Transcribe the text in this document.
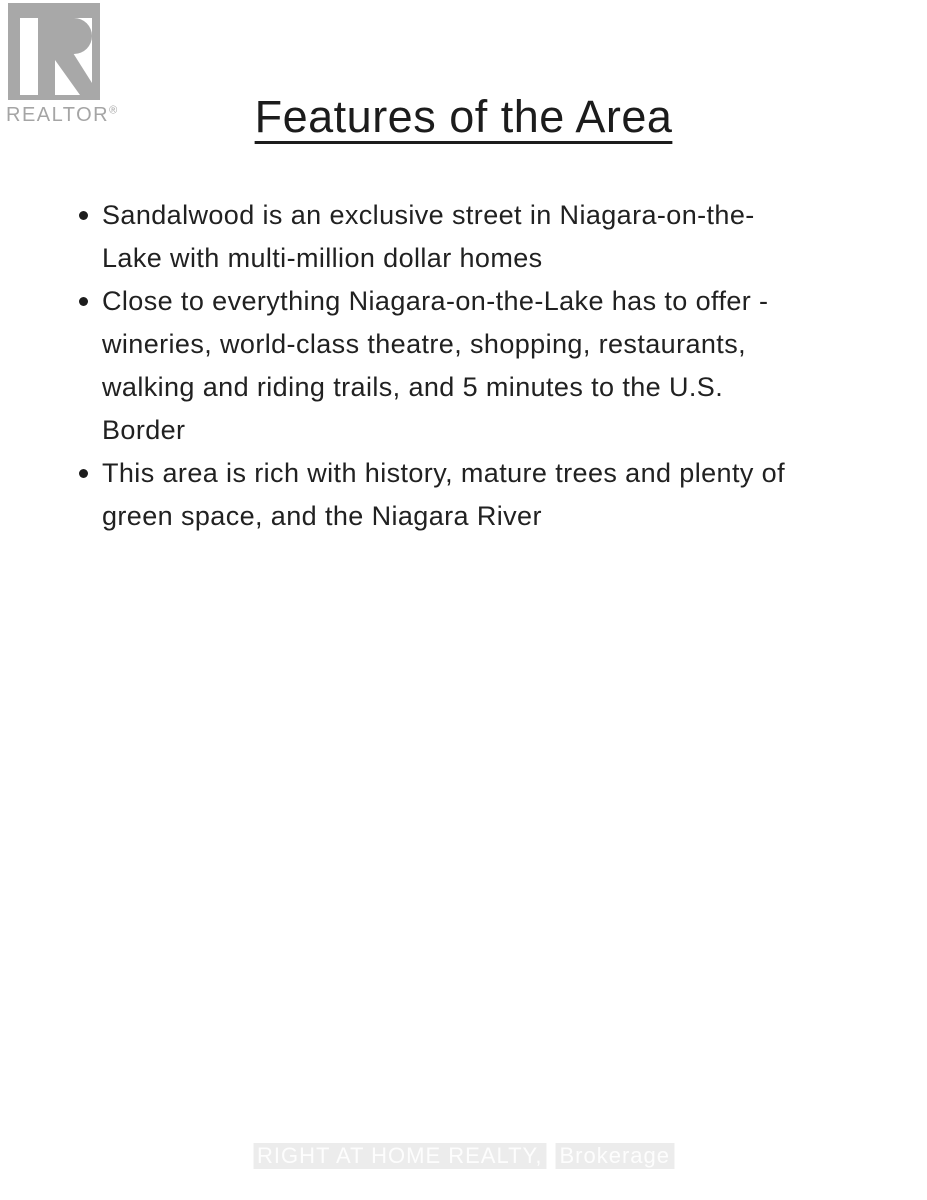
REALTOR®	Features of the Area
Sandalwood is an exclusive street in Niagara-on-the-Lake with multi-million dollar homes
Close to everything Niagara-on-the-Lake has to offer - wineries, world-class theatre, shopping, restaurants, walking and riding trails, and 5 minutes to the U.S. Border
This area is rich with history, mature trees and plenty of green space, and the Niagara River
RIGHT AT HOME REALTY, Brokerage
